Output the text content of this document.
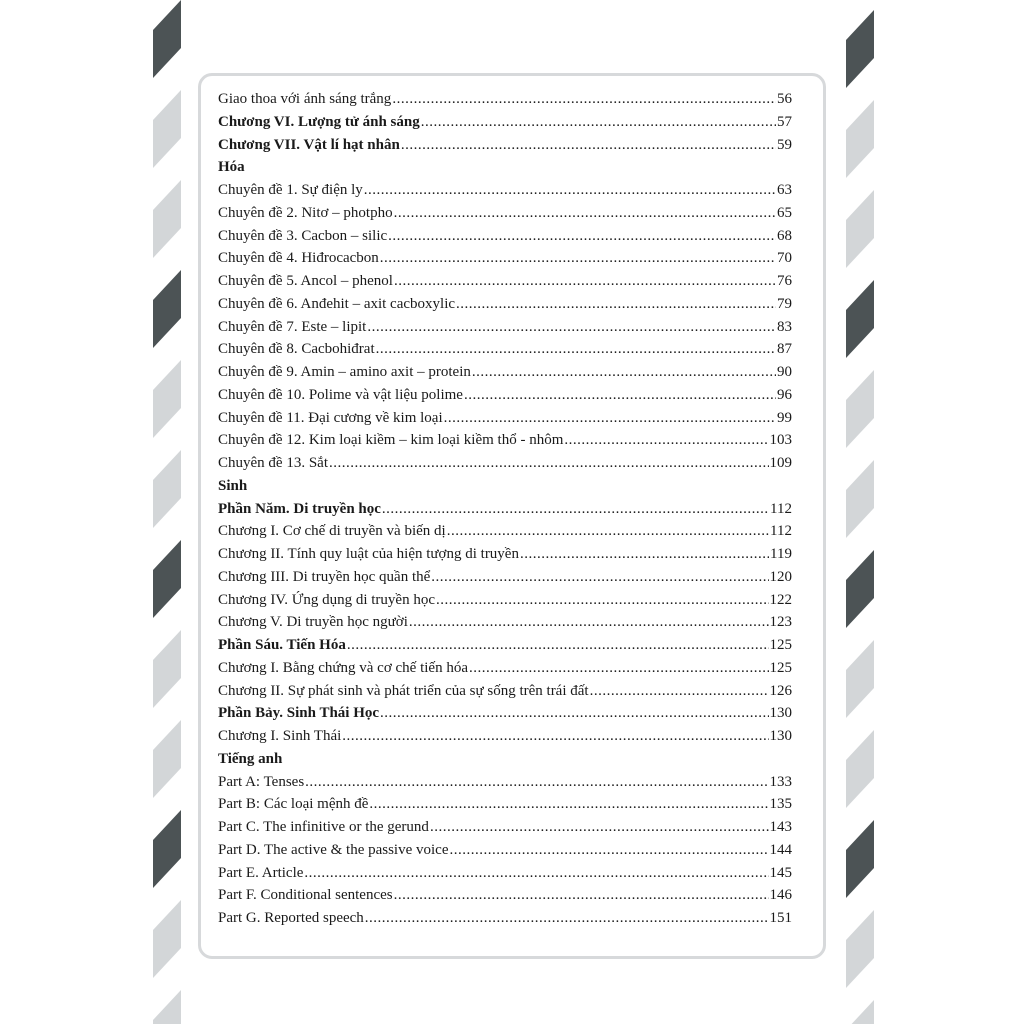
Giao thoa với ánh sáng trắng .....	56
Chương VI. Lượng tử ánh sáng .....	57
Chương VII. Vật lí hạt nhân .....	59
Hóa
Chuyên đề 1. Sự điện ly .....	63
Chuyên đề 2. Nitơ – photpho .....	65
Chuyên đề 3. Cacbon – silic .....	68
Chuyên đề 4. Hiđrocacbon .....	70
Chuyên đề 5. Ancol – phenol .....	76
Chuyên đề 6. Anđehit – axit cacboxylic .....	79
Chuyên đề 7. Este – lipit .....	83
Chuyên đề 8. Cacbohiđrat .....	87
Chuyên đề 9. Amin – amino axit – protein .....	90
Chuyên đề 10. Polime và vật liệu polime .....	96
Chuyên đề 11. Đại cương về kim loại .....	99
Chuyên đề 12. Kim loại kiềm – kim loại kiềm thổ - nhôm .....	103
Chuyên đề 13. Sắt .....	109
Sinh
Phần Năm. Di truyền học .....	112
Chương I. Cơ chế di truyền và biến dị .....	112
Chương II. Tính quy luật của hiện tượng di truyền .....	119
Chương III. Di truyền học quần thể .....	120
Chương IV. Ứng dụng di truyền học .....	122
Chương V. Di truyền học người .....	123
Phần Sáu. Tiến Hóa .....	125
Chương I. Bằng chứng và cơ chế tiến hóa .....	125
Chương II. Sự phát sinh và phát triển của sự sống trên trái đất .....	126
Phần Bảy. Sinh Thái Học .....	130
Chương I. Sinh Thái .....	130
Tiếng anh
Part A: Tenses .....	133
Part B: Các loại mệnh đề .....	135
Part C. The infinitive or the gerund .....	143
Part D. The active & the passive voice .....	144
Part E. Article .....	145
Part F. Conditional sentences .....	146
Part G. Reported speech .....	151
